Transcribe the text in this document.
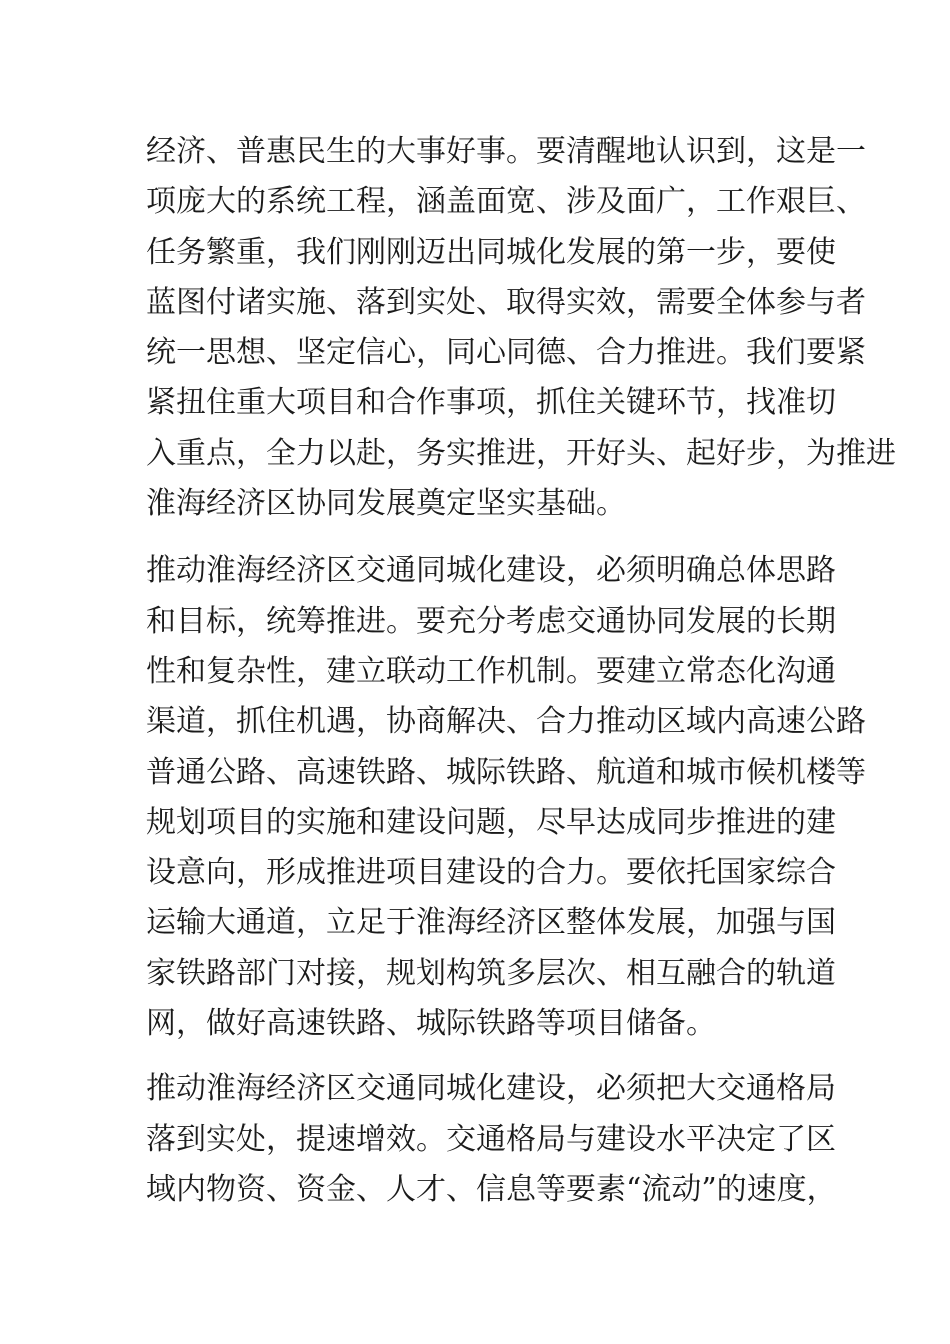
经济、普惠民生的大事好事。要清醒地认识到，这是一
项庞大的系统工程，涵盖面宽、涉及面广，工作艰巨、
任务繁重，我们刚刚迈出同城化发展的第一步，要使
蓝图付诸实施、落到实处、取得实效，需要全体参与者
统一思想、坚定信心，同心同德、合力推进。我们要紧
紧扭住重大项目和合作事项，抓住关键环节，找准切
入重点，全力以赴，务实推进，开好头、起好步，为推进
淮海经济区协同发展奠定坚实基础。
推动淮海经济区交通同城化建设，必须明确总体思路
和目标，统筹推进。要充分考虑交通协同发展的长期
性和复杂性，建立联动工作机制。要建立常态化沟通
渠道，抓住机遇，协商解决、合力推动区域内高速公路
普通公路、高速铁路、城际铁路、航道和城市候机楼等
规划项目的实施和建设问题，尽早达成同步推进的建
设意向，形成推进项目建设的合力。要依托国家综合
运输大通道，立足于淮海经济区整体发展，加强与国
家铁路部门对接，规划构筑多层次、相互融合的轨道
网，做好高速铁路、城际铁路等项目储备。
推动淮海经济区交通同城化建设，必须把大交通格局
落到实处，提速增效。交通格局与建设水平决定了区
域内物资、资金、人才、信息等要素“流动”的速度，
